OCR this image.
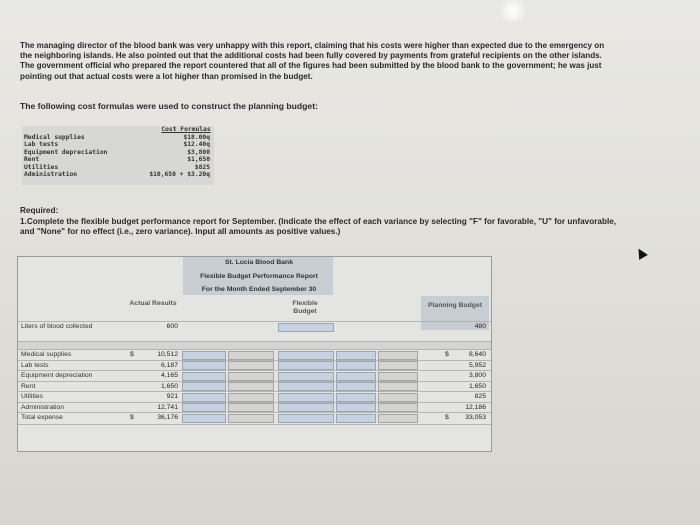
The managing director of the blood bank was very unhappy with this report, claiming that his costs were higher than expected due to the emergency on the neighboring islands. He also pointed out that the additional costs had been fully covered by payments from grateful recipients on the other islands. The government official who prepared the report countered that all of the figures had been submitted by the blood bank to the government; he was just pointing out that actual costs were a lot higher than promised in the budget.
The following cost formulas were used to construct the planning budget:
Cost Formulas
Medical supplies	$18.00q
Lab tests	$12.40q
Equipment depreciation	$3,800
Rent	$1,650
Utilities	$825
Administration	$10,650 + $3.20q
Required:
1.Complete the flexible budget performance report for September. (Indicate the effect of each variance by selecting "F" for favorable, "U" for unfavorable, and "None" for no effect (i.e., zero variance). Input all amounts as positive values.)
St. Lucia Blood Bank
Flexible Budget Performance Report
For the Month Ended September 30
Actual Results	Flexible Budget
Planning Budget
Liters of blood collected	600	480
Medical supplies	$	10,512	$	8,640
Lab tests	6,187	5,952
Equipment depreciation	4,165	3,800
Rent	1,650	1,650
Utilities	921	825
Administration	12,741	12,186
Total expense	$	36,176	$ 33,053
